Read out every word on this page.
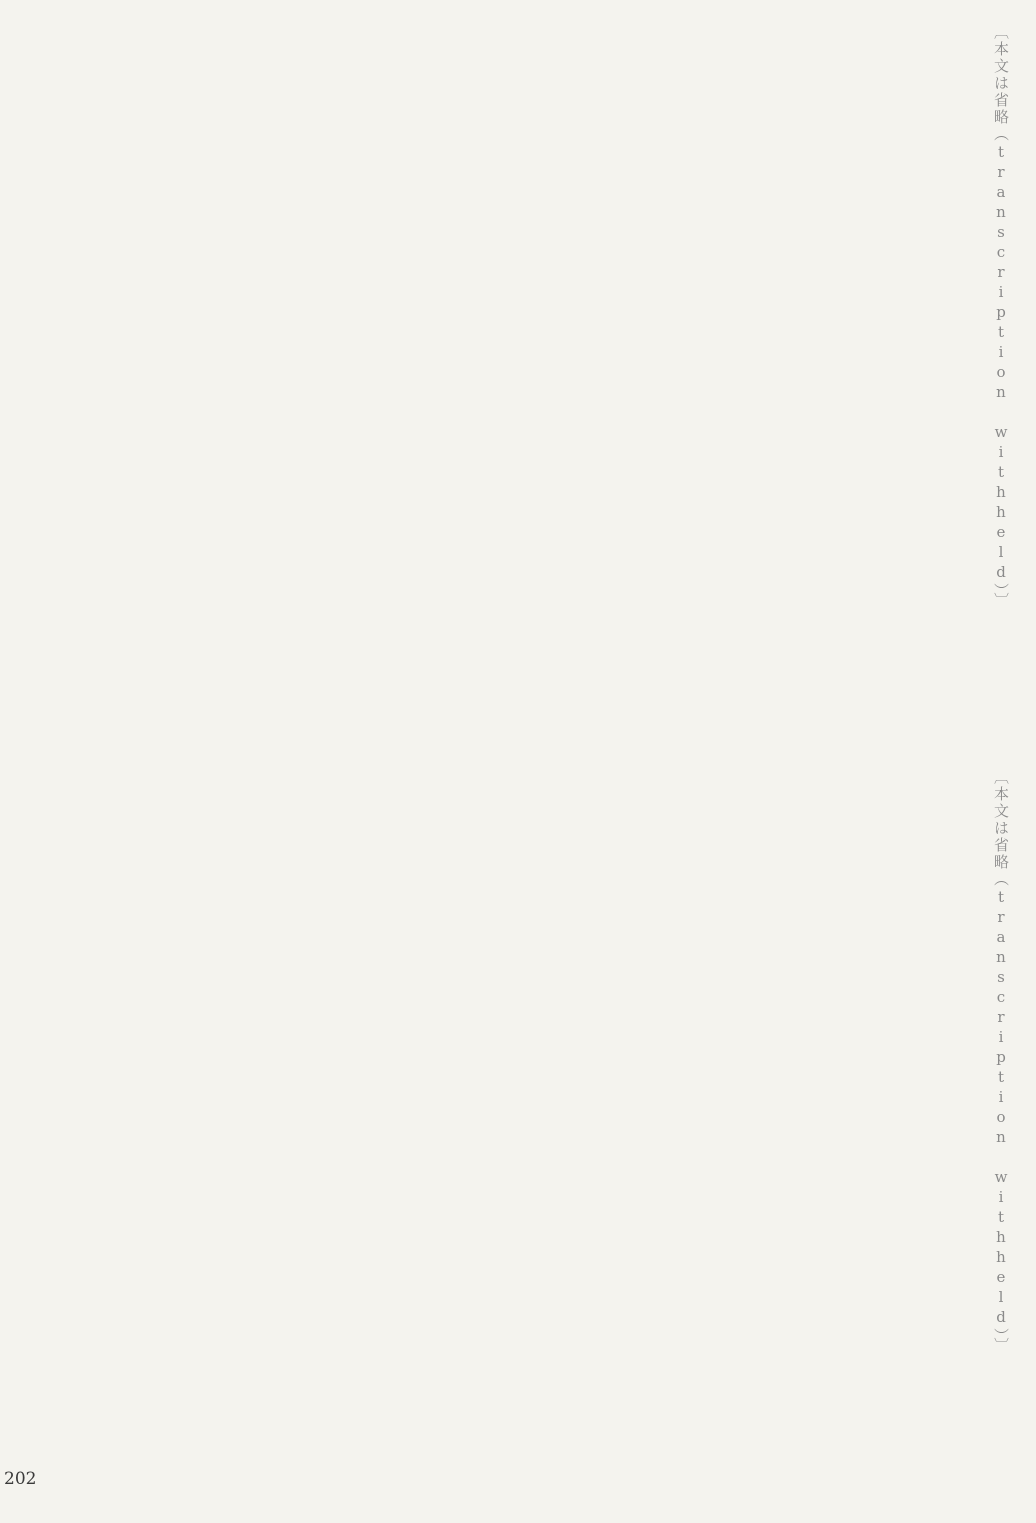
〔本文は省略（transcription withheld）〕
〔本文は省略（transcription withheld）〕
202
